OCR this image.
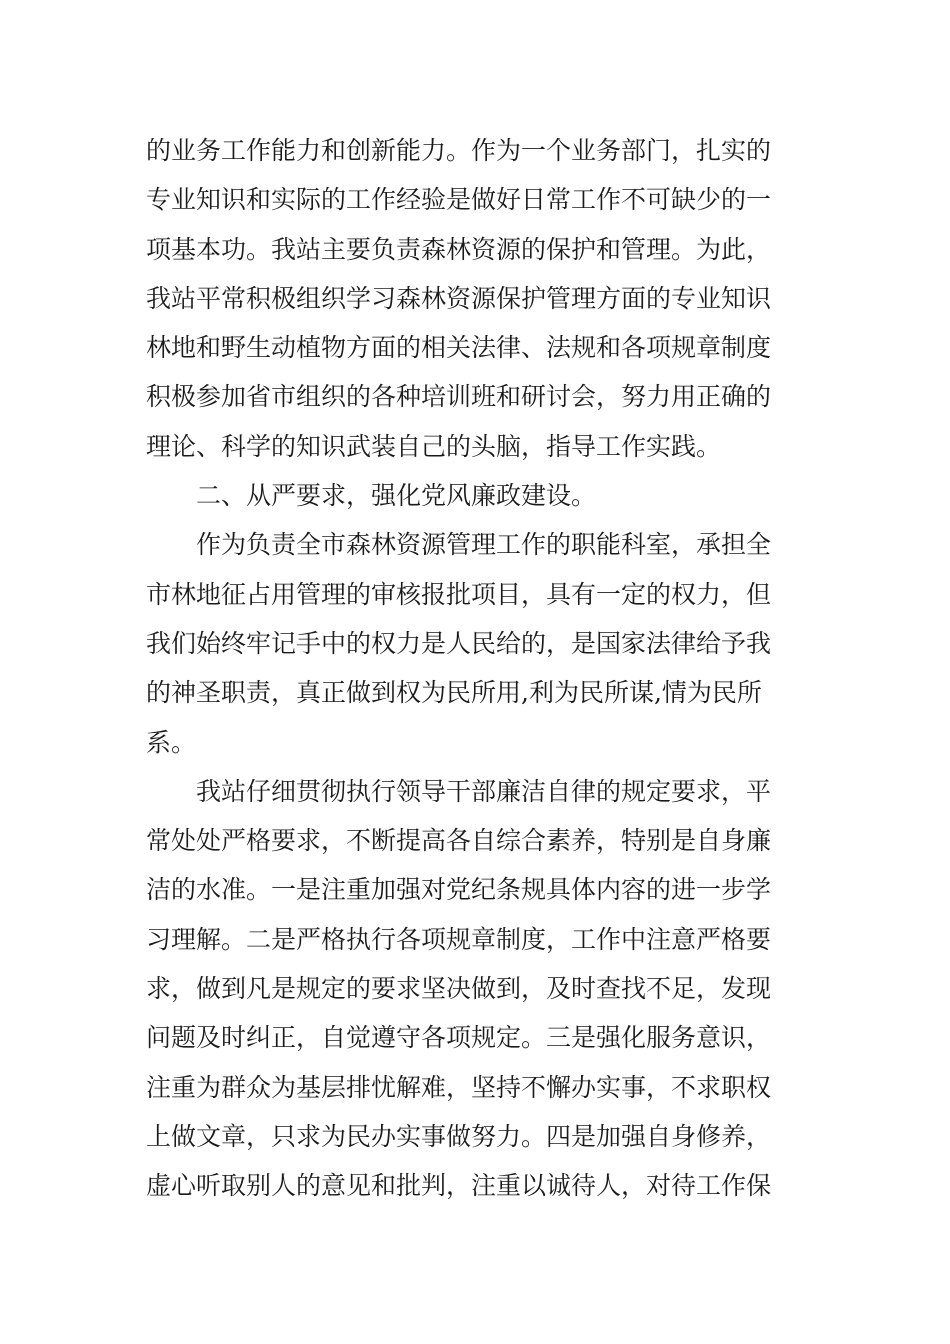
的业务工作能力和创新能力。作为一个业务部门，扎实的
专业知识和实际的工作经验是做好日常工作不可缺少的一
项基本功。我站主要负责森林资源的保护和管理。为此，
我站平常积极组织学习森林资源保护管理方面的专业知识
林地和野生动植物方面的相关法律、法规和各项规章制度
积极参加省市组织的各种培训班和研讨会，努力用正确的
理论、科学的知识武装自己的头脑，指导工作实践。
二、从严要求，强化党风廉政建设。
作为负责全市森林资源管理工作的职能科室，承担全
市林地征占用管理的审核报批项目，具有一定的权力，但
我们始终牢记手中的权力是人民给的，是国家法律给予我
的神圣职责，真正做到权为民所用,利为民所谋,情为民所
系。
我站仔细贯彻执行领导干部廉洁自律的规定要求，平
常处处严格要求，不断提高各自综合素养，特别是自身廉
洁的水准。一是注重加强对党纪条规具体内容的进一步学
习理解。二是严格执行各项规章制度，工作中注意严格要
求，做到凡是规定的要求坚决做到，及时查找不足，发现
问题及时纠正，自觉遵守各项规定。三是强化服务意识，
注重为群众为基层排忧解难，坚持不懈办实事，不求职权
上做文章，只求为民办实事做努力。四是加强自身修养，
虚心听取别人的意见和批判，注重以诚待人，对待工作保
